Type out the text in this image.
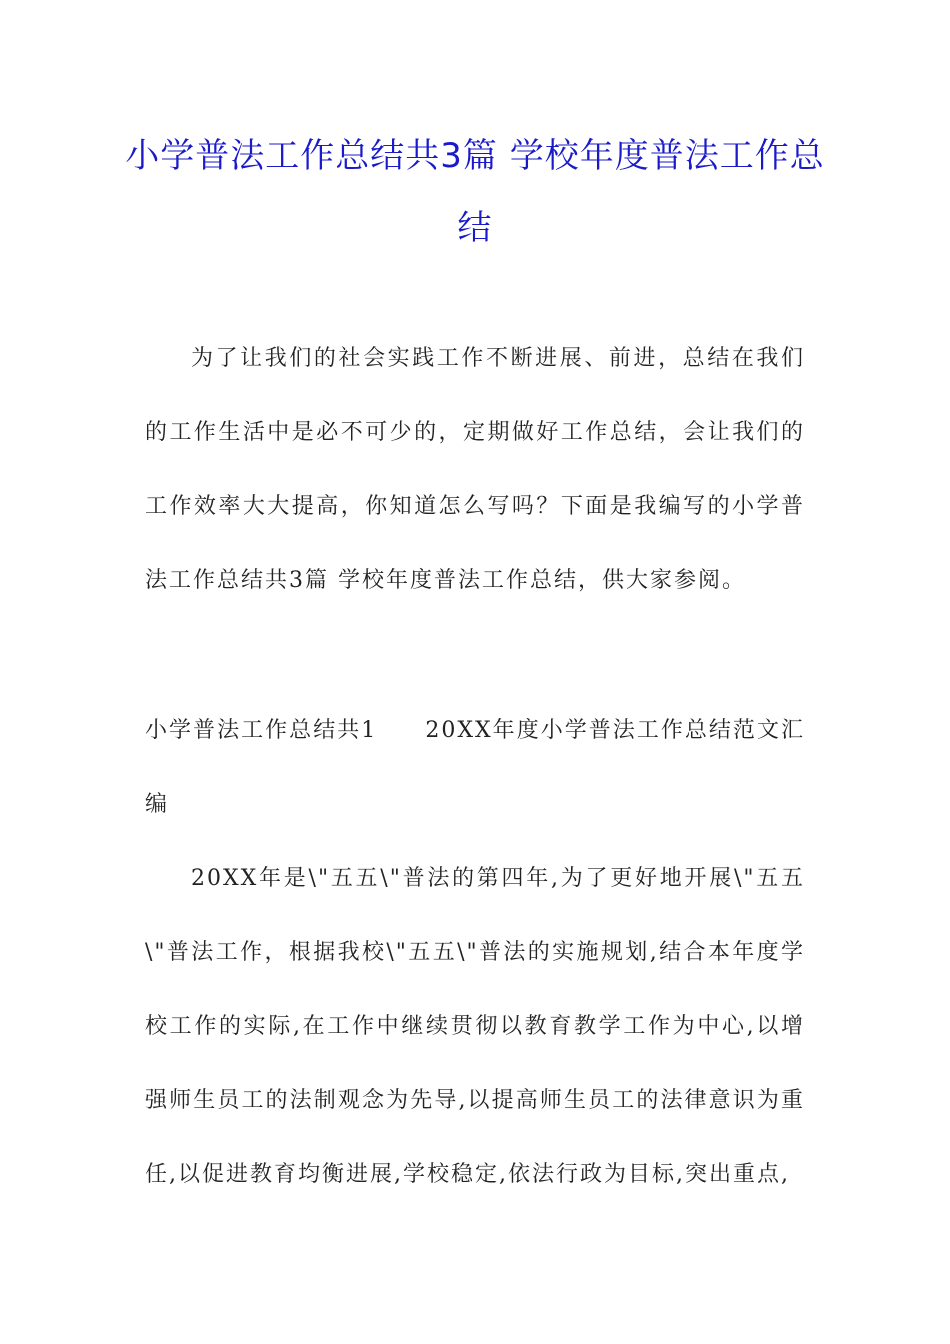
小学普法工作总结共3篇 学校年度普法工作总结
为了让我们的社会实践工作不断进展、前进，总结在我们的工作生活中是必不可少的，定期做好工作总结，会让我们的工作效率大大提高，你知道怎么写吗？下面是我编写的小学普法工作总结共3篇 学校年度普法工作总结，供大家参阅。
小学普法工作总结共1　　20XX年度小学普法工作总结范文汇编
20XX年是\"五五\"普法的第四年,为了更好地开展\"五五\"普法工作，根据我校\"五五\"普法的实施规划,结合本年度学校工作的实际,在工作中继续贯彻以教育教学工作为中心,以增强师生员工的法制观念为先导,以提高师生员工的法律意识为重任,以促进教育均衡进展,学校稳定,依法行政为目标,突出重点,
